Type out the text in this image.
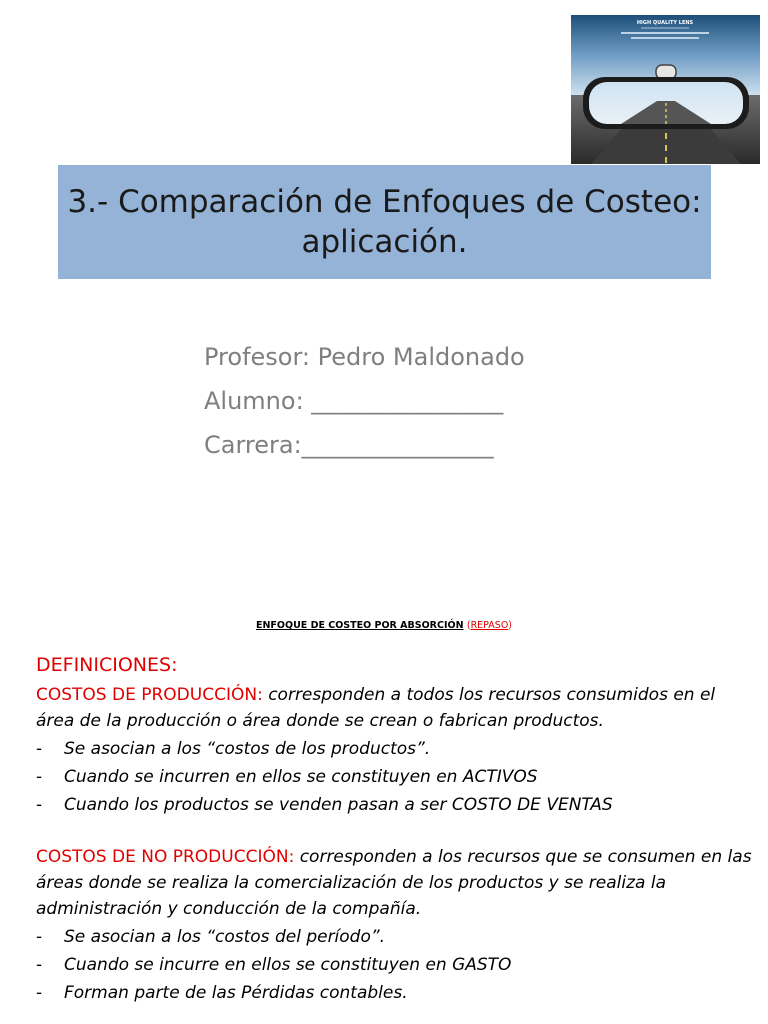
HIGH QUALITY LENS
3.- Comparación de Enfoques de Costeo:
aplicación.
Profesor: Pedro Maldonado
Alumno: ________________
Carrera:________________
ENFOQUE DE COSTEO POR ABSORCIÓN (REPASO)
DEFINICIONES:

COSTOS DE PRODUCCIÓN: corresponden a todos los recursos consumidos en el área de la producción o área donde se crean o fabrican productos.

-	Se asocian a los “costos de los productos”.
-	Cuando se incurren en ellos se constituyen en ACTIVOS
-	Cuando los productos se venden pasan a ser COSTO DE VENTAS

COSTOS DE NO PRODUCCIÓN: corresponden a los recursos que se consumen en las áreas donde se realiza la comercialización de los productos y se realiza la administración y conducción de la compañía.

-	Se asocian a los “costos del período”.
-	Cuando se incurre en ellos se constituyen en GASTO
-	Forman parte de las Pérdidas contables.
